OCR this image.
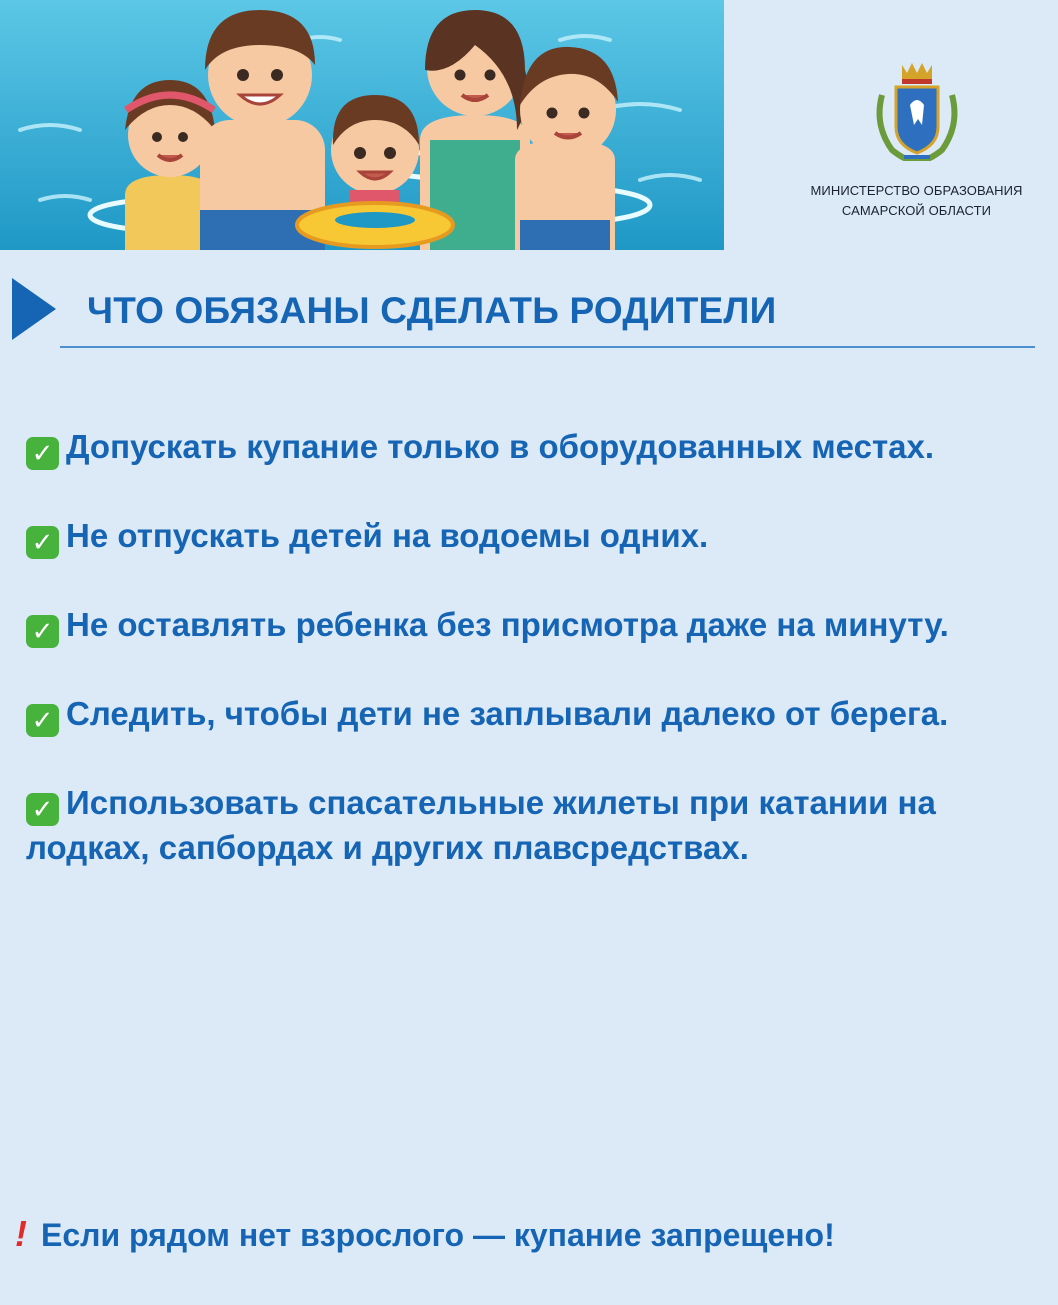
МИНИСТЕРСТВО ОБРАЗОВАНИЯ
САМАРСКОЙ ОБЛАСТИ
ЧТО ОБЯЗАНЫ СДЕЛАТЬ РОДИТЕЛИ
✓ Допускать купание только в оборудованных местах.
✓ Не отпускать детей на водоемы одних.
✓ Не оставлять ребенка без присмотра даже на минуту.
✓ Следить, чтобы дети не заплывали далеко от берега.
✓ Использовать спасательные жилеты при катании на лодках, сапбордах и других плавсредствах.
! Если рядом нет взрослого — купание запрещено!
